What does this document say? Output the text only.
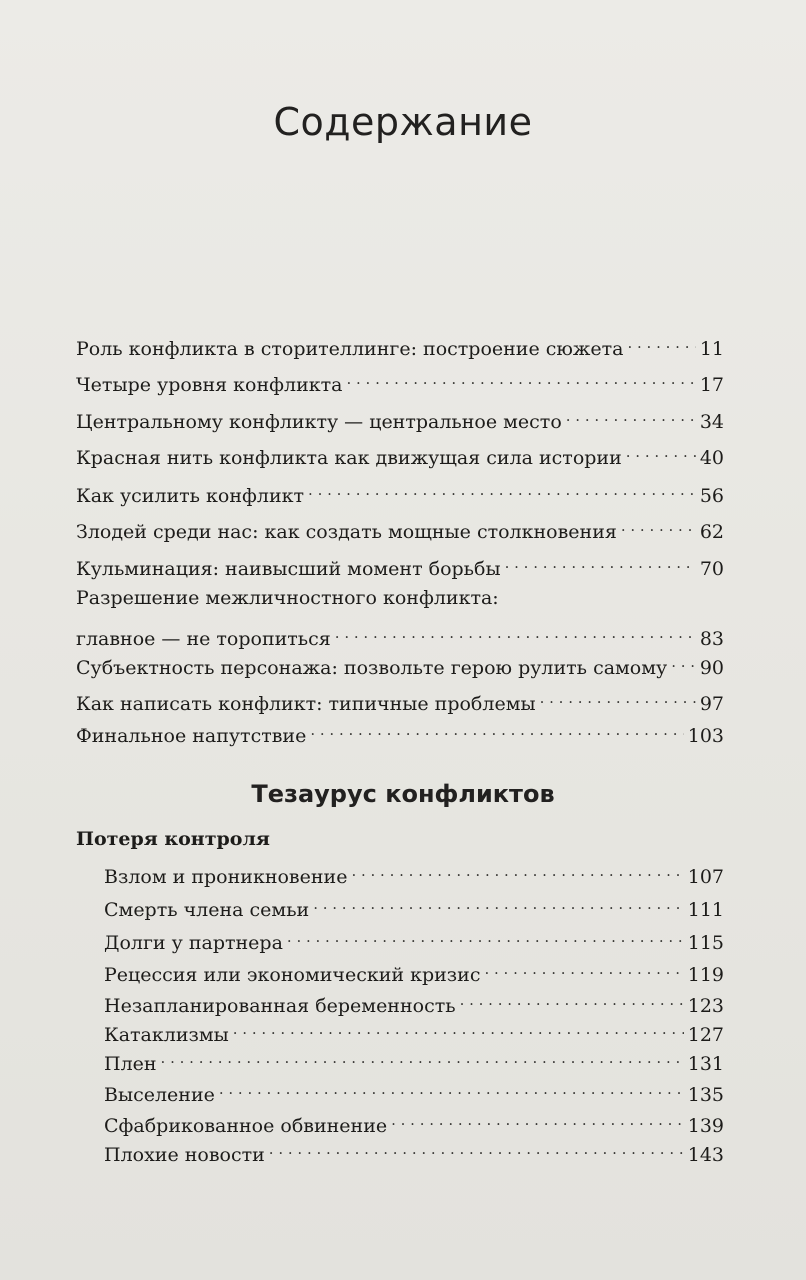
Содержание
Роль конфликта в сторителлинге: построение сюжета . . .	11
Четыре уровня конфликта . . .	17
Центральному конфликту — центральное место . . .	34
Красная нить конфликта как движущая сила истории . . .	40
Как усилить конфликт . . .	56
Злодей среди нас: как создать мощные столкновения . . .	62
Кульминация: наивысший момент борьбы . . .	70
Разрешение межличностного конфликта:
главное — не торопиться . . .	83
Субъектность персонажа: позвольте герою рулить самому . . . 90
Как написать конфликт: типичные проблемы . . .	97
Финальное напутствие . . .	103
Тезаурус конфликтов
Потеря контроля
Взлом и проникновение . . .	107
Смерть члена семьи . . .	111
Долги у партнера . . .	115
Рецессия или экономический кризис . . .	119
Незапланированная беременность . . .	123
Катаклизмы . . .	127
Плен . . .	131
Выселение . . .	135
Сфабрикованное обвинение . . .	139
Плохие новости . . .	143
